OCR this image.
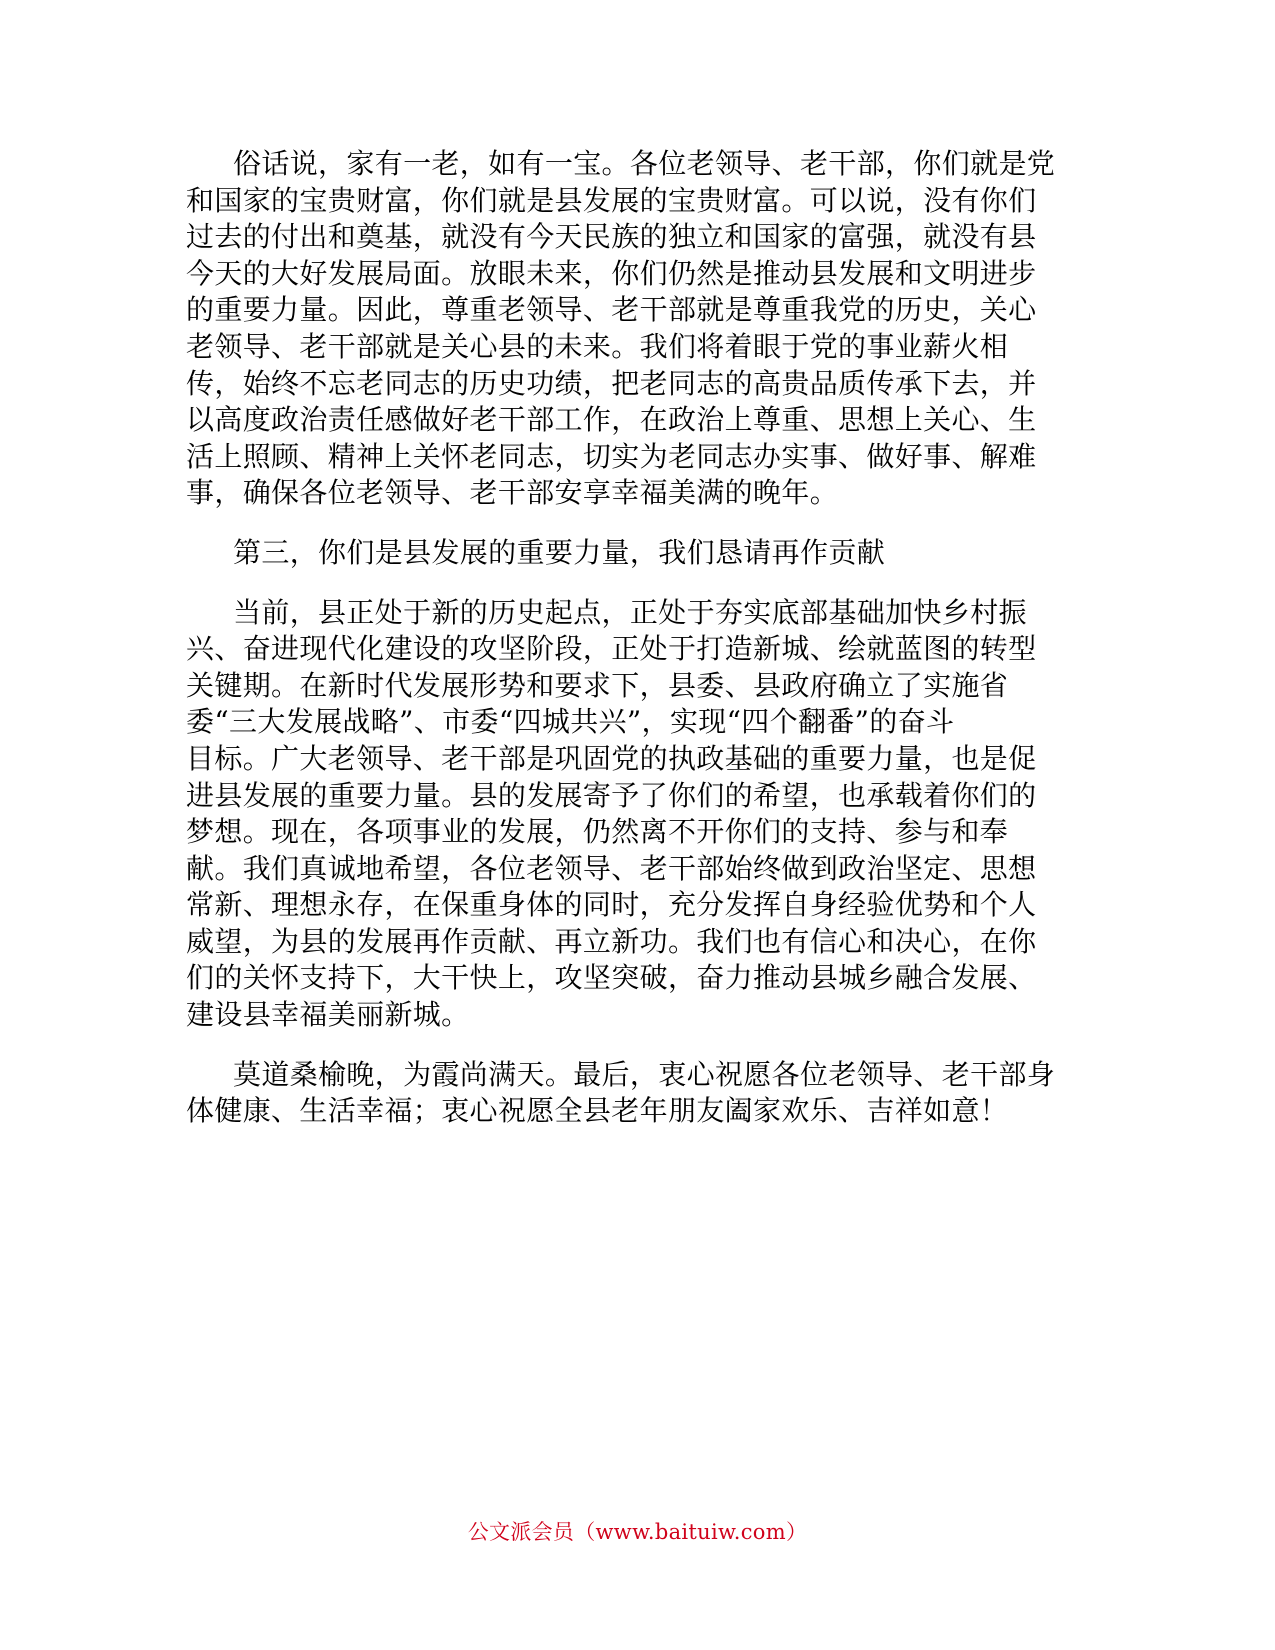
俗话说，家有一老，如有一宝。各位老领导、老干部，你们就是党
和国家的宝贵财富，你们就是县发展的宝贵财富。可以说，没有你们
过去的付出和奠基，就没有今天民族的独立和国家的富强，就没有县
今天的大好发展局面。放眼未来，你们仍然是推动县发展和文明进步
的重要力量。因此，尊重老领导、老干部就是尊重我党的历史，关心
老领导、老干部就是关心县的未来。我们将着眼于党的事业薪火相
传，始终不忘老同志的历史功绩，把老同志的高贵品质传承下去，并
以高度政治责任感做好老干部工作，在政治上尊重、思想上关心、生
活上照顾、精神上关怀老同志，切实为老同志办实事、做好事、解难
事，确保各位老领导、老干部安享幸福美满的晚年。
第三，你们是县发展的重要力量，我们恳请再作贡献
当前，县正处于新的历史起点，正处于夯实底部基础加快乡村振
兴、奋进现代化建设的攻坚阶段，正处于打造新城、绘就蓝图的转型
关键期。在新时代发展形势和要求下，县委、县政府确立了实施省
委“三大发展战略”、市委“四城共兴”，实现“四个翻番”的奋斗
目标。广大老领导、老干部是巩固党的执政基础的重要力量，也是促
进县发展的重要力量。县的发展寄予了你们的希望，也承载着你们的
梦想。现在，各项事业的发展，仍然离不开你们的支持、参与和奉
献。我们真诚地希望，各位老领导、老干部始终做到政治坚定、思想
常新、理想永存，在保重身体的同时，充分发挥自身经验优势和个人
威望，为县的发展再作贡献、再立新功。我们也有信心和决心，在你
们的关怀支持下，大干快上，攻坚突破，奋力推动县城乡融合发展、
建设县幸福美丽新城。
莫道桑榆晚，为霞尚满天。最后，衷心祝愿各位老领导、老干部身
体健康、生活幸福；衷心祝愿全县老年朋友阖家欢乐、吉祥如意！
公文派会员（www.baituiw.com）
